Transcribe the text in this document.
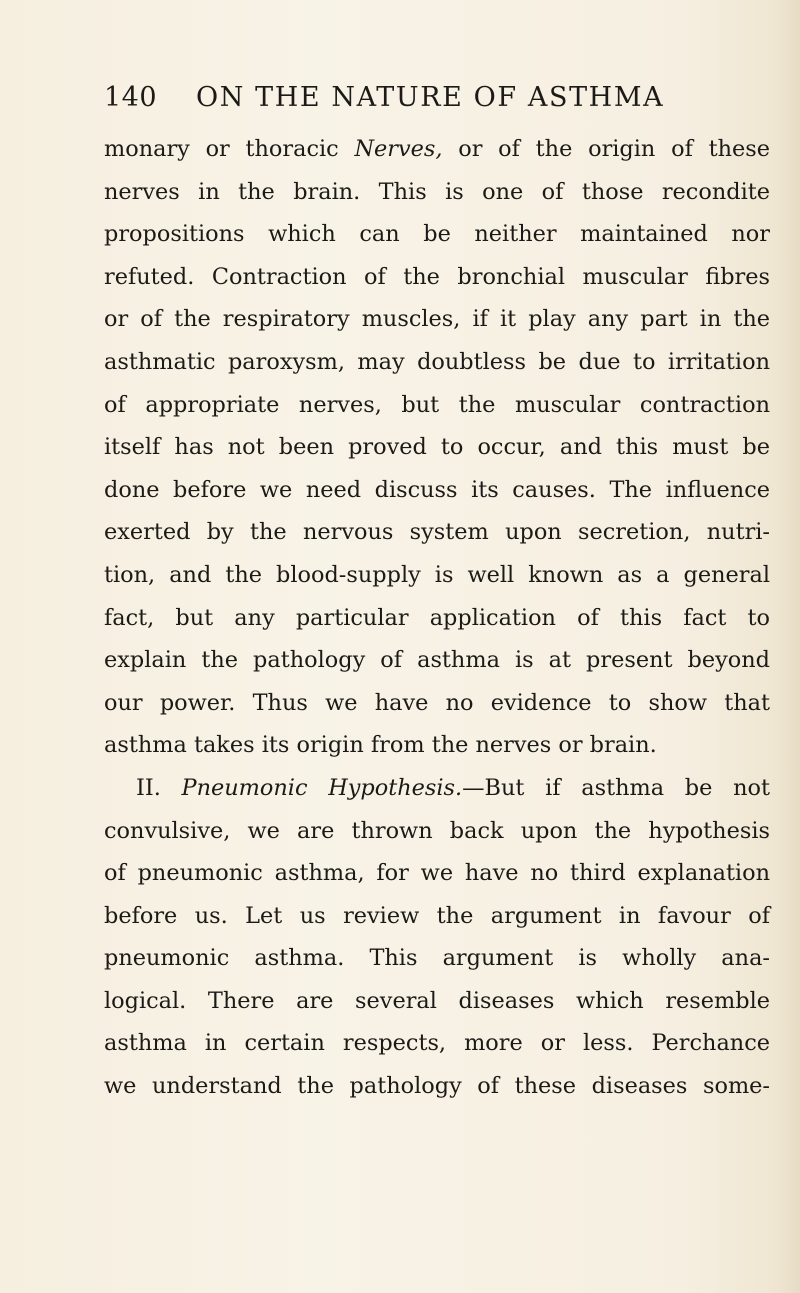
140 ON THE NATURE OF ASTHMA
monary or thoracic Nerves, or of the origin of these
nerves in the brain. This is one of those recondite
propositions which can be neither maintained nor
refuted. Contraction of the bronchial muscular fibres
or of the respiratory muscles, if it play any part in the
asthmatic paroxysm, may doubtless be due to irritation
of appropriate nerves, but the muscular contraction
itself has not been proved to occur, and this must be
done before we need discuss its causes. The influence
exerted by the nervous system upon secretion, nutri-
tion, and the blood-supply is well known as a general
fact, but any particular application of this fact to
explain the pathology of asthma is at present beyond
our power. Thus we have no evidence to show that
asthma takes its origin from the nerves or brain.
II. Pneumonic Hypothesis.—But if asthma be not
convulsive, we are thrown back upon the hypothesis
of pneumonic asthma, for we have no third explanation
before us. Let us review the argument in favour of
pneumonic asthma. This argument is wholly ana-
logical. There are several diseases which resemble
asthma in certain respects, more or less. Perchance
we understand the pathology of these diseases some-
